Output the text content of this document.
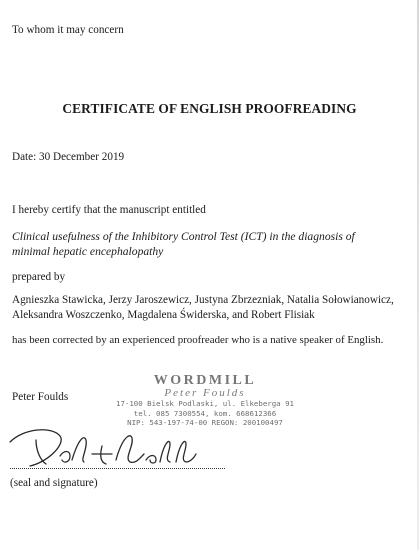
To whom it may concern
CERTIFICATE OF ENGLISH PROOFREADING
Date: 30 December 2019
I hereby certify that the manuscript entitled
Clinical usefulness of the Inhibitory Control Test (ICT) in the diagnosis of
minimal hepatic encephalopathy
prepared by
Agnieszka Stawicka, Jerzy Jaroszewicz, Justyna Zbrzezniak, Natalia Sołowianowicz,
Aleksandra Woszczenko, Magdalena Świderska, and Robert Flisiak
has been corrected by an experienced proofreader who is a native speaker of English.
Peter Foulds
WORDMILL
Peter Foulds
17-100 Bielsk Podlaski, ul. Elkeberga 91
tel. 085 7300554, kom. 668612366
NIP: 543-197-74-00 REGON: 200100497
(seal and signature)
